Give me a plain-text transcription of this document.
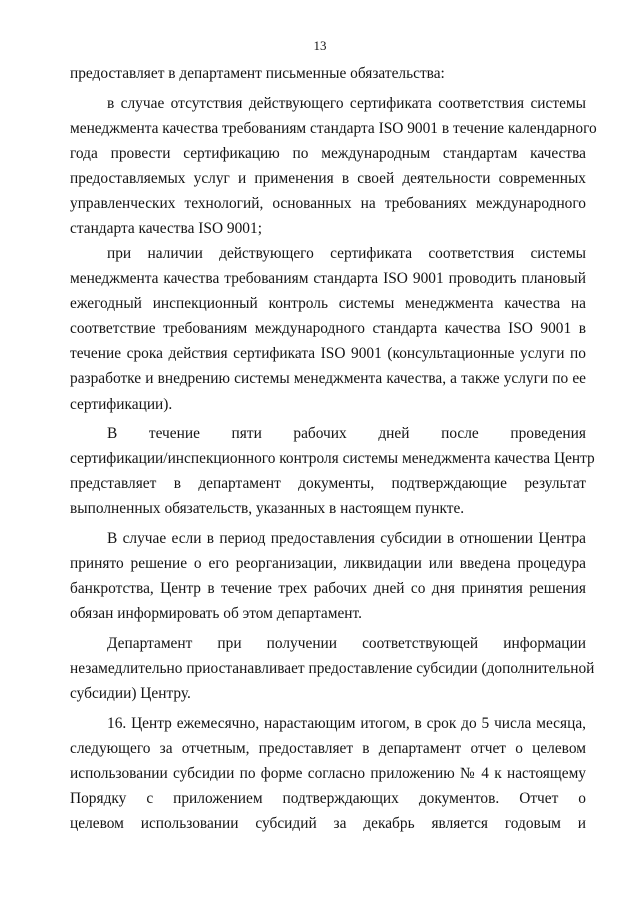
13
предоставляет в департамент письменные обязательства:
в случае отсутствия действующего сертификата соответствия системы
менеджмента качества требованиям стандарта ISO 9001 в течение календарного
года провести сертификацию по международным стандартам качества
предоставляемых услуг и применения в своей деятельности современных
управленческих технологий, основанных на требованиях международного
стандарта качества ISO 9001;
при наличии действующего сертификата соответствия системы
менеджмента качества требованиям стандарта ISO 9001 проводить плановый
ежегодный инспекционный контроль системы менеджмента качества на
соответствие требованиям международного стандарта качества ISO 9001 в
течение срока действия сертификата ISO 9001 (консультационные услуги по
разработке и внедрению системы менеджмента качества, а также услуги по ее
сертификации).
В течение пяти рабочих дней после проведения
сертификации/инспекционного контроля системы менеджмента качества Центр
представляет в департамент документы, подтверждающие результат
выполненных обязательств, указанных в настоящем пункте.
В случае если в период предоставления субсидии в отношении Центра
принято решение о его реорганизации, ликвидации или введена процедура
банкротства, Центр в течение трех рабочих дней со дня принятия решения
обязан информировать об этом департамент.
Департамент при получении соответствующей информации
незамедлительно приостанавливает предоставление субсидии (дополнительной
субсидии) Центру.
16. Центр ежемесячно, нарастающим итогом, в срок до 5 числа месяца,
следующего за отчетным, предоставляет в департамент отчет о целевом
использовании субсидии по форме согласно приложению № 4 к настоящему
Порядку с приложением подтверждающих документов. Отчет о
целевом использовании субсидий за декабрь является годовым и
